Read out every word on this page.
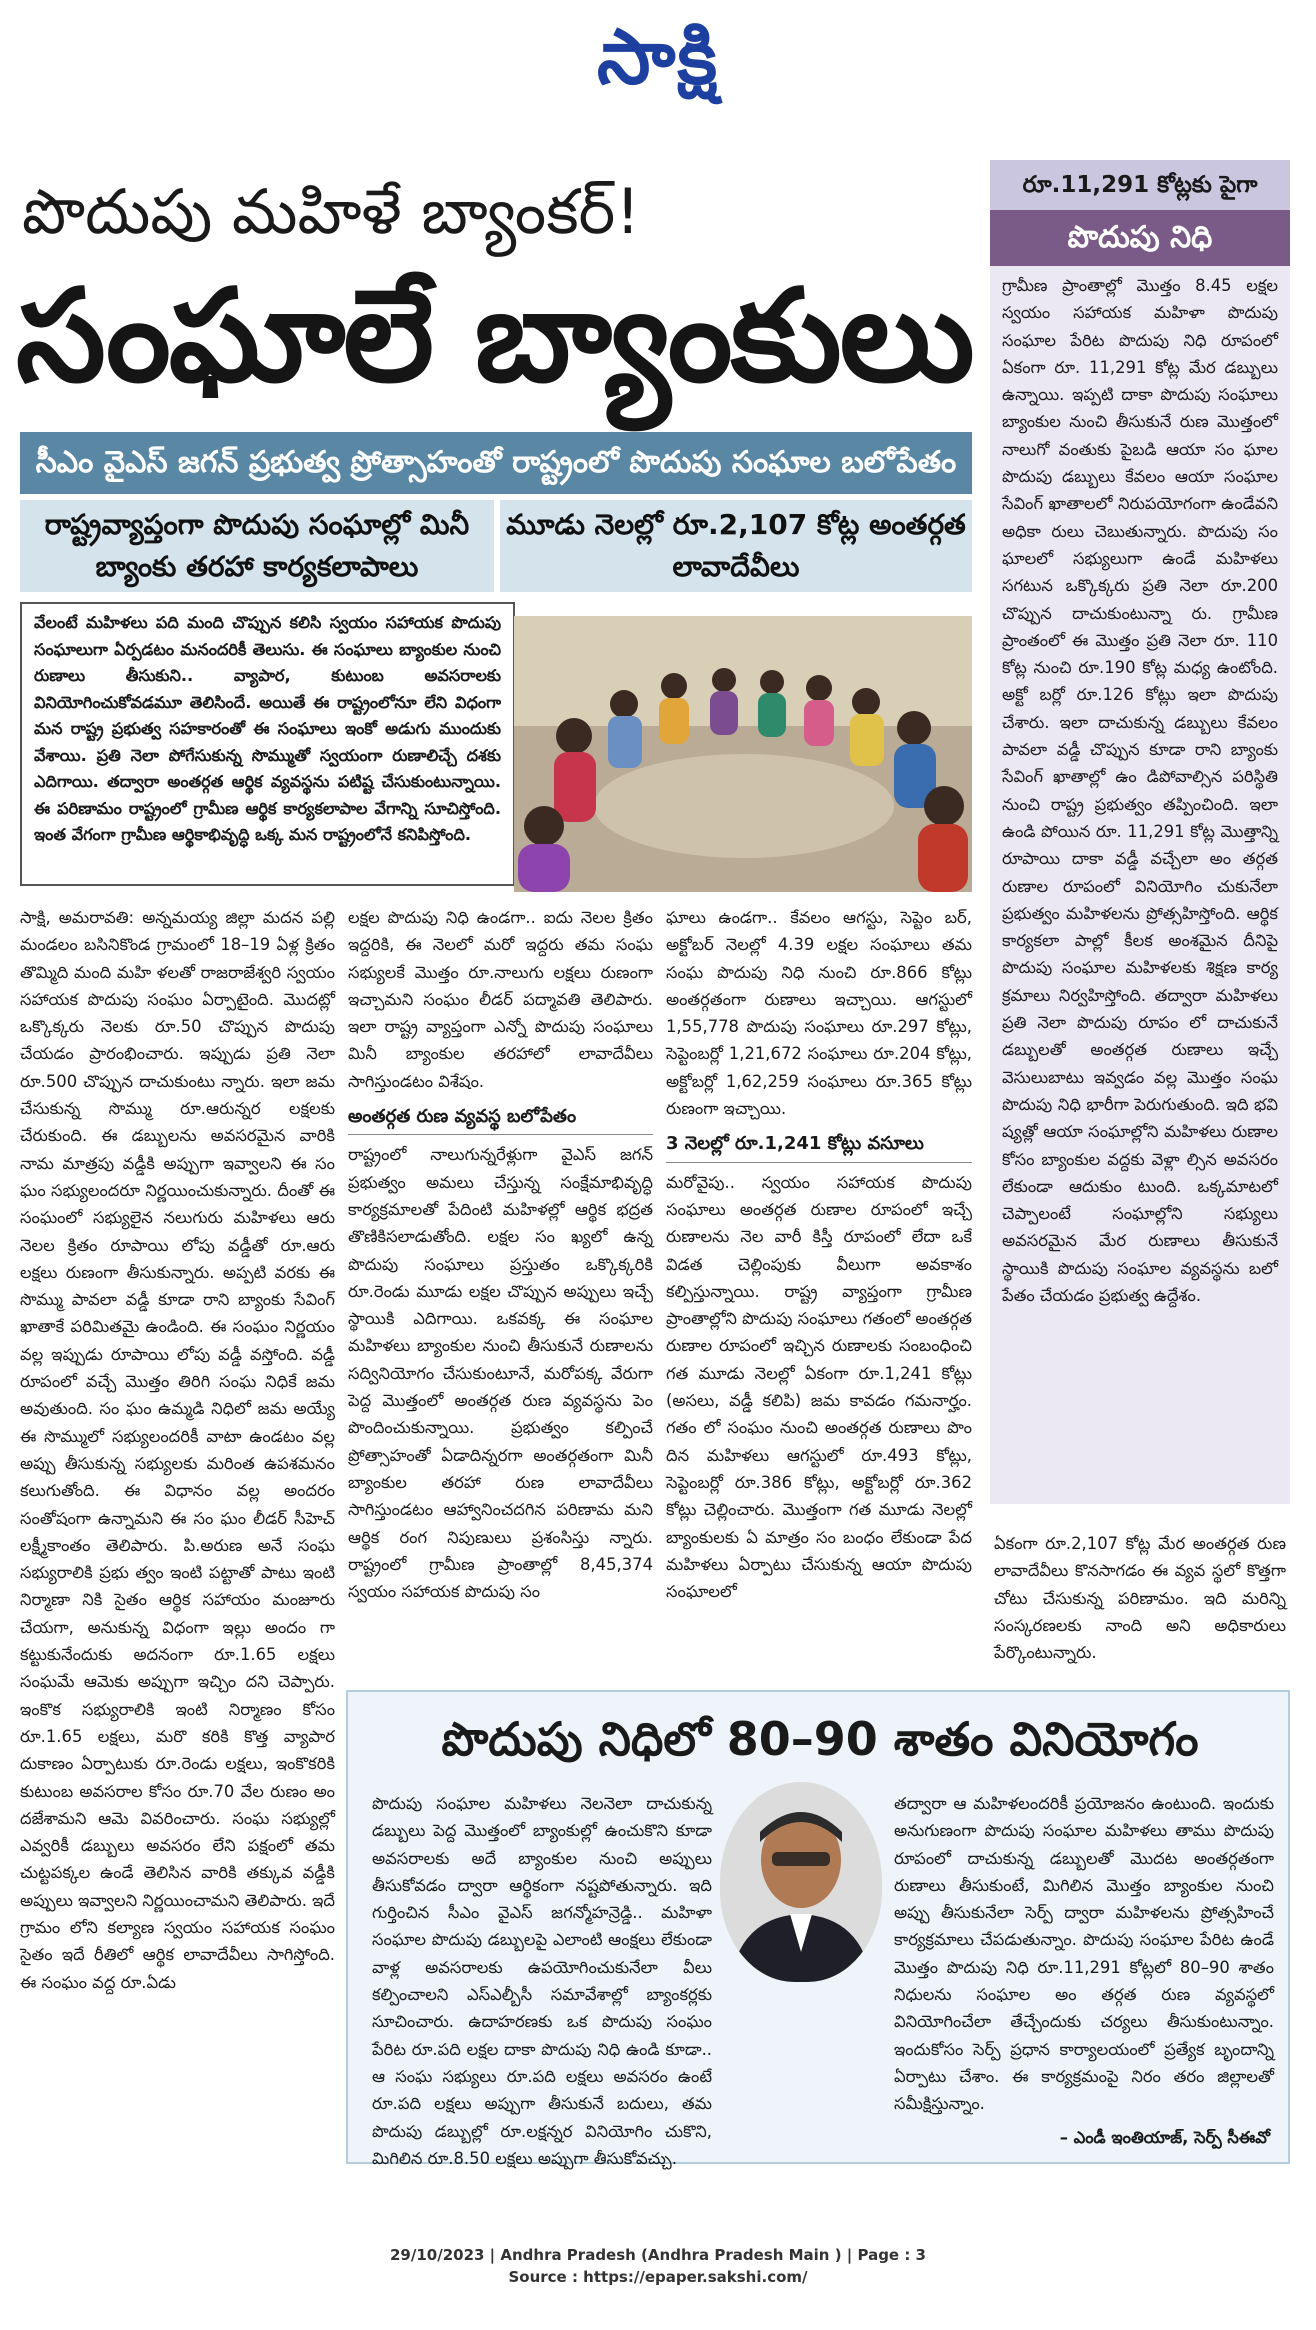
సాక్షి
పొదుపు మహిళే బ్యాంకర్!
సంఘాలే బ్యాంకులు
సీఎం వైఎస్ జగన్ ప్రభుత్వ ప్రోత్సాహంతో రాష్ట్రంలో పొదుపు సంఘాల బలోపేతం
రాష్ట్రవ్యాప్తంగా పొదుపు సంఘాల్లో మినీ బ్యాంకు తరహా కార్యకలాపాలు
మూడు నెలల్లో రూ.2,107 కోట్ల అంతర్గత లావాదేవీలు
వేలంటే మహిళలు పది మంది చొప్పున కలిసి స్వయం సహాయక పొదుపు సంఘాలుగా ఏర్పడటం మనందరికీ తెలుసు. ఈ సంఘాలు బ్యాంకుల నుంచి రుణాలు తీసుకుని.. వ్యాపార, కుటుంబ అవసరాలకు వినియోగించుకోవడమూ తెలిసిందే. అయితే ఈ రాష్ట్రంలోనూ లేని విధంగా మన రాష్ట్ర ప్రభుత్వ సహకారంతో ఈ సంఘాలు ఇంకో అడుగు ముందుకు వేశాయి. ప్రతి నెలా పోగేసుకున్న సొమ్ముతో స్వయంగా రుణాలిచ్చే దశకు ఎదిగాయి. తద్వారా అంతర్గత ఆర్థిక వ్యవస్థను పటిష్ట చేసుకుంటున్నాయి. ఈ పరిణామం రాష్ట్రంలో గ్రామీణ ఆర్థిక కార్యకలాపాల వేగాన్ని సూచిస్తోంది. ఇంత వేగంగా గ్రామీణ ఆర్థికాభివృద్ధి ఒక్క మన రాష్ట్రంలోనే కనిపిస్తోంది.

సాక్షి, అమరావతి: అన్నమయ్య జిల్లా మదన పల్లి మండలం బసినికొండ గ్రామంలో 18–19 ఏళ్ల క్రితం తొమ్మిది మంది మహి ళలతో రాజరాజేశ్వరి స్వయం సహాయక పొదుపు సంఘం ఏర్పాటైంది. మొదట్లో ఒక్కొక్కరు నెలకు రూ.50 చొప్పున పొదుపు చేయడం ప్రారంభించారు. ఇప్పుడు ప్రతి నెలా రూ.500 చొప్పున దాచుకుంటు న్నారు. ఇలా జమ చేసుకున్న సొమ్ము రూ.ఆరున్నర లక్షలకు చేరుకుంది. ఈ డబ్బులను అవసరమైన వారికి నామ మాత్రపు వడ్డీకి అప్పుగా ఇవ్వాలని ఈ సం ఘం సభ్యులందరూ నిర్ణయించుకున్నారు. దీంతో ఈ సంఘంలో సభ్యులైన నలుగురు మహిళలు ఆరు నెలల క్రితం రూపాయి లోపు వడ్డీతో రూ.ఆరు లక్షలు రుణంగా తీసుకున్నారు. అప్పటి వరకు ఈ సొమ్ము పావలా వడ్డీ కూడా రాని బ్యాంకు సేవింగ్ ఖాతాకే పరిమితమై ఉండింది. ఈ సంఘం నిర్ణయం వల్ల ఇప్పుడు రూపాయి లోపు వడ్డీ వస్తోంది. వడ్డీ రూపంలో వచ్చే మొత్తం తిరిగి సంఘ నిధికే జమ అవుతుంది. సం ఘం ఉమ్మడి నిధిలో జమ అయ్యే ఈ సొమ్ములో సభ్యులందరికీ వాటా ఉండటం వల్ల అప్పు తీసుకున్న సభ్యులకు మరింత ఉపశమనం కలుగుతోంది. ఈ విధానం వల్ల అందరం సంతోషంగా ఉన్నామని ఈ సం ఘం లీడర్ సీహెచ్ లక్ష్మీకాంతం తెలిపారు. పి.అరుణ అనే సంఘ సభ్యురాలికి ప్రభు త్వం ఇంటి పట్టాతో పాటు ఇంటి నిర్మాణా నికి సైతం ఆర్థిక సహాయం మంజూరు చేయగా, అనుకున్న విధంగా ఇల్లు అందం గా కట్టుకునేందుకు అదనంగా రూ.1.65 లక్షలు సంఘమే ఆమెకు అప్పుగా ఇచ్చిం దని చెప్పారు. ఇంకొక సభ్యురాలికి ఇంటి నిర్మాణం కోసం రూ.1.65 లక్షలు, మరొ కరికి కొత్త వ్యాపార దుకాణం ఏర్పాటుకు రూ.రెండు లక్షలు, ఇంకొకరికి కుటుంబ అవసరాల కోసం రూ.70 వేల రుణం అం దజేశామని ఆమె వివరించారు. సంఘ సభ్యుల్లో ఎవ్వరికీ డబ్బులు అవసరం లేని పక్షంలో తమ చుట్టపక్కల ఉండే తెలిసిన వారికి తక్కువ వడ్డీకి అప్పులు ఇవ్వాలని నిర్ణయించామని తెలిపారు. ఇదే గ్రామం లోని కల్యాణ స్వయం సహాయక సంఘం సైతం ఇదే రీతిలో ఆర్థిక లావాదేవీలు సాగిస్తోంది. ఈ సంఘం వద్ద రూ.ఏడు

లక్షల పొదుపు నిధి ఉండగా.. ఐదు నెలల క్రితం ఇద్దరికి, ఈ నెలలో మరో ఇద్దరు తమ సంఘ సభ్యులకే మొత్తం రూ.నాలుగు లక్షలు రుణంగా ఇచ్చామని సంఘం లీడర్ పద్మావతి తెలిపారు. ఇలా రాష్ట్ర వ్యాప్తంగా ఎన్నో పొదుపు సంఘాలు మినీ బ్యాంకుల తరహాలో లావాదేవీలు సాగిస్తుండటం విశేషం.

అంతర్గత రుణ వ్యవస్థ బలోపేతం

రాష్ట్రంలో నాలుగున్నరేళ్లుగా వైఎస్ జగన్ ప్రభుత్వం అమలు చేస్తున్న సంక్షేమాభివృద్ధి కార్యక్రమాలతో పేదింటి మహిళల్లో ఆర్థిక భద్రత తొణికిసలాడుతోంది. లక్షల సం ఖ్యలో ఉన్న పొదుపు సంఘాలు ప్రస్తుతం ఒక్కొక్కరికి రూ.రెండు మూడు లక్షల చొప్పున అప్పులు ఇచ్చే స్థాయికి ఎదిగాయి. ఒకవక్క ఈ సంఘాల మహిళలు బ్యాంకుల నుంచి తీసుకునే రుణాలను సద్వినియోగం చేసుకుంటూనే, మరోపక్క వేరుగా పెద్ద మొత్తంలో అంతర్గత రుణ వ్యవస్థను పెం పొందించుకున్నాయి. ప్రభుత్వం కల్పించే ప్రోత్సాహంతో ఏడాదిన్నరగా అంతర్గతంగా మినీ బ్యాంకుల తరహా రుణ లావాదేవీలు సాగిస్తుండటం ఆహ్వానించదగిన పరిణామ మని ఆర్థిక రంగ నిపుణులు ప్రశంసిస్తు న్నారు. రాష్ట్రంలో గ్రామీణ ప్రాంతాల్లో 8,45,374 స్వయం సహాయక పొదుపు సం

ఘాలు ఉండగా.. కేవలం ఆగస్టు, సెప్టెం బర్, అక్టోబర్ నెలల్లో 4.39 లక్షల సంఘాలు తమ సంఘ పొదుపు నిధి నుంచి రూ.866 కోట్లు అంతర్గతంగా రుణాలు ఇచ్చాయి. ఆగస్టులో 1,55,778 పొదుపు సంఘాలు రూ.297 కోట్లు, సెప్టెంబర్లో 1,21,672 సంఘాలు రూ.204 కోట్లు, అక్టోబర్లో 1,62,259 సంఘాలు రూ.365 కోట్లు రుణంగా ఇచ్చాయి.

3 నెలల్లో రూ.1,241 కోట్లు వసూలు

మరోవైపు.. స్వయం సహాయక పొదుపు సంఘాలు అంతర్గత రుణాల రూపంలో ఇచ్చే రుణాలను నెల వారీ కిస్తీ రూపంలో లేదా ఒకే విడత చెల్లింపుకు వీలుగా అవకాశం కల్పిస్తున్నాయి. రాష్ట్ర వ్యాప్తంగా గ్రామీణ ప్రాంతాల్లోని పొదుపు సంఘాలు గతంలో అంతర్గత రుణాల రూపంలో ఇచ్చిన రుణాలకు సంబంధించి గత మూడు నెలల్లో ఏకంగా రూ.1,241 కోట్లు (అసలు, వడ్డీ కలిపి) జమ కావడం గమనార్హం. గతం లో సంఘం నుంచి అంతర్గత రుణాలు పొం దిన మహిళలు ఆగస్టులో రూ.493 కోట్లు, సెప్టెంబర్లో రూ.386 కోట్లు, అక్టోబర్లో రూ.362 కోట్లు చెల్లించారు. మొత్తంగా గత మూడు నెలల్లో బ్యాంకులకు ఏ మాత్రం సం బంధం లేకుండా పేద మహిళలు ఏర్పాటు చేసుకున్న ఆయా పొదుపు సంఘాలలో

రూ.11,291 కోట్లకు పైగా
పొదుపు నిధి
గ్రామీణ ప్రాంతాల్లో మొత్తం 8.45 లక్షల స్వయం సహాయక మహిళా పొదుపు సంఘాల పేరిట పొదుపు నిధి రూపంలో ఏకంగా రూ. 11,291 కోట్ల మేర డబ్బులు ఉన్నాయి. ఇప్పటి దాకా పొదుపు సంఘాలు బ్యాంకుల నుంచి తీసుకునే రుణ మొత్తంలో నాలుగో వంతుకు పైబడి ఆయా సం ఘాల పొదుపు డబ్బులు కేవలం ఆయా సంఘాల సేవింగ్ ఖాతాలలో నిరుపయోగంగా ఉండేవని అధికా రులు చెబుతున్నారు. పొదుపు సం ఘాలలో సభ్యులుగా ఉండే మహిళలు సగటున ఒక్కొక్కరు ప్రతి నెలా రూ.200 చొప్పున దాచుకుంటున్నా రు. గ్రామీణ ప్రాంతంలో ఈ మొత్తం ప్రతి నెలా రూ. 110 కోట్ల నుంచి రూ.190 కోట్ల మధ్య ఉంటోంది. అక్టో బర్లో రూ.126 కోట్లు ఇలా పొదుపు చేశారు. ఇలా దాచుకున్న డబ్బులు కేవలం పావలా వడ్డీ చొప్పున కూడా రాని బ్యాంకు సేవింగ్ ఖాతాల్లో ఉం డిపోవాల్సిన పరిస్థితి నుంచి రాష్ట్ర ప్రభుత్వం తప్పించింది. ఇలా ఉండి పోయిన రూ. 11,291 కోట్ల మొత్తాన్ని రూపాయి దాకా వడ్డీ వచ్చేలా అం తర్గత రుణాల రూపంలో వినియోగిం చుకునేలా ప్రభుత్వం మహిళలను ప్రోత్సహిస్తోంది. ఆర్థిక కార్యకలా పాల్లో కీలక అంశమైన దీనిపై పొదుపు సంఘాల మహిళలకు శిక్షణ కార్య క్రమాలు నిర్వహిస్తోంది. తద్వారా మహిళలు ప్రతి నెలా పొదుపు రూపం లో దాచుకునే డబ్బులతో అంతర్గత రుణాలు ఇచ్చే వెసులుబాటు ఇవ్వడం వల్ల మొత్తం సంఘ పొదుపు నిధి భారీగా పెరుగుతుంది. ఇది భవి ష్యత్లో ఆయా సంఘాల్లోని మహిళలు రుణాల కోసం బ్యాంకుల వద్దకు వెళ్లా ల్సిన అవసరం లేకుండా ఆదుకుం టుంది. ఒక్కమాటలో చెప్పాలంటే సంఘాల్లోని సభ్యులు అవసరమైన మేర రుణాలు తీసుకునే స్థాయికి పొదుపు సంఘాల వ్యవస్థను బలో పేతం చేయడం ప్రభుత్వ ఉద్దేశం.
ఏకంగా రూ.2,107 కోట్ల మేర అంతర్గత రుణ లావాదేవీలు కొనసాగడం ఈ వ్యవ స్థలో కొత్తగా చోటు చేసుకున్న పరిణామం. ఇది మరిన్ని సంస్కరణలకు నాంది అని అధికారులు పేర్కొంటున్నారు.
పొదుపు నిధిలో 80–90 శాతం వినియోగం
పొదుపు సంఘాల మహిళలు నెలనెలా దాచుకున్న డబ్బులు పెద్ద మొత్తంలో బ్యాంకుల్లో ఉంచుకొని కూడా అవసరాలకు అదే బ్యాంకుల నుంచి అప్పులు తీసుకోవడం ద్వారా ఆర్థికంగా నష్టపోతున్నారు. ఇది గుర్తించిన సీఎం వైఎస్ జగన్మోహన్రెడ్డి.. మహిళా సంఘాల పొదుపు డబ్బులపై ఎలాంటి ఆంక్షలు లేకుండా వాళ్ల అవసరాలకు ఉపయోగించుకునేలా వీలు కల్పించాలని ఎస్ఎల్బీసీ సమావేశాల్లో బ్యాంకర్లకు సూచించారు. ఉదాహరణకు ఒక పొదుపు సంఘం పేరిట రూ.పది లక్షల దాకా పొదుపు నిధి ఉండి కూడా.. ఆ సంఘ సభ్యులు రూ.పది లక్షలు అవసరం ఉంటే రూ.పది లక్షలు అప్పుగా తీసుకునే బదులు, తమ పొదుపు డబ్బుల్లో రూ.లక్షన్నర వినియోగిం చుకొని, మిగిలిన రూ.8.50 లక్షలు అప్పుగా తీసుకోవచ్చు.
తద్వారా ఆ మహిళలందరికీ ప్రయోజనం ఉంటుంది. ఇందుకు అనుగుణంగా పొదుపు సంఘాల మహిళలు తాము పొదుపు రూపంలో దాచుకున్న డబ్బులతో మొదట అంతర్గతంగా రుణాలు తీసుకుంటే, మిగిలిన మొత్తం బ్యాంకుల నుంచి అప్పు తీసుకునేలా సెర్ప్ ద్వారా మహిళలను ప్రోత్సహించే కార్యక్రమాలు చేపడుతున్నాం. పొదుపు సంఘాల పేరిట ఉండే మొత్తం పొదుపు నిధి రూ.11,291 కోట్లలో 80–90 శాతం నిధులను సంఘాల అం తర్గత రుణ వ్యవస్థలో వినియోగించేలా తేచ్చేందుకు చర్యలు తీసుకుంటున్నాం. ఇందుకోసం సెర్ప్ ప్రధాన కార్యాలయంలో ప్రత్యేక బృందాన్ని ఏర్పాటు చేశాం. ఈ కార్యక్రమంపై నిరం తరం జిల్లాలతో సమీక్షిస్తున్నాం.
– ఎండీ ఇంతియాజ్, సెర్ప్ సీఈవో
29/10/2023 | Andhra Pradesh (Andhra Pradesh Main ) | Page : 3
Source : https://epaper.sakshi.com/
